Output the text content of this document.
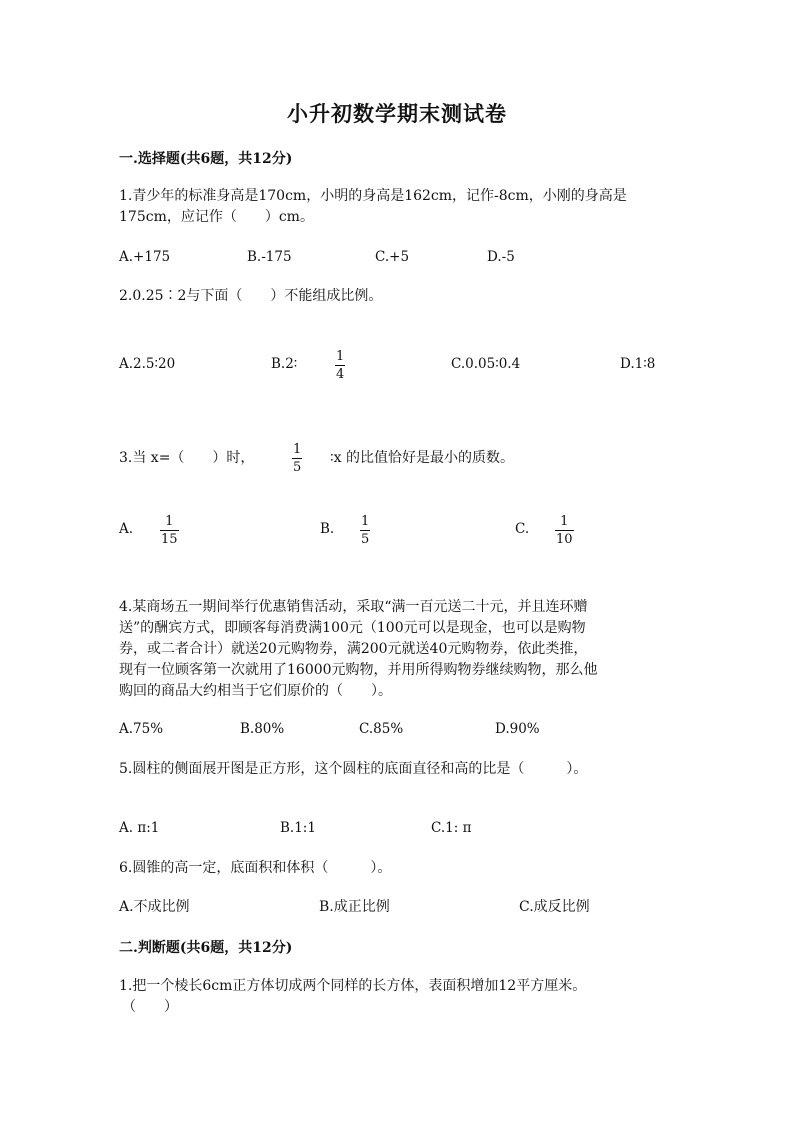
小升初数学期末测试卷
一.选择题(共6题，共12分)
1.青少年的标准身高是170cm，小明的身高是162cm，记作-8cm，小刚的身高是
175cm，应记作（　　）cm。
A.+175	B.-175	C.+5	D.-5
2.0.25∶2与下面（　　）不能组成比例。
A.2.5∶20	B.2∶	1
4
C.0.05∶0.4	D.1∶8
3.当 x=（　　）时，
1
5
∶x 的比值恰好是最小的质数。
A. 1
15
B. 1
5
C. 1
10
4.某商场五一期间举行优惠销售活动，采取“满一百元送二十元，并且连环赠
送”的酬宾方式，即顾客每消费满100元（100元可以是现金，也可以是购物
券，或二者合计）就送20元购物券，满200元就送40元购物券，依此类推，
现有一位顾客第一次就用了16000元购物，并用所得购物券继续购物，那么他
购回的商品大约相当于它们原价的（　　）。
A.75%	B.80%	C.85%	D.90%
5.圆柱的侧面展开图是正方形，这个圆柱的底面直径和高的比是（　　　）。
A. π:1	B.1:1	C.1: π
6.圆锥的高一定，底面积和体积（　　　）。
A.不成比例	B.成正比例	C.成反比例
二.判断题(共6题，共12分)
1.把一个棱长6cm正方体切成两个同样的长方体，表面积增加12平方厘米。
（　　）
